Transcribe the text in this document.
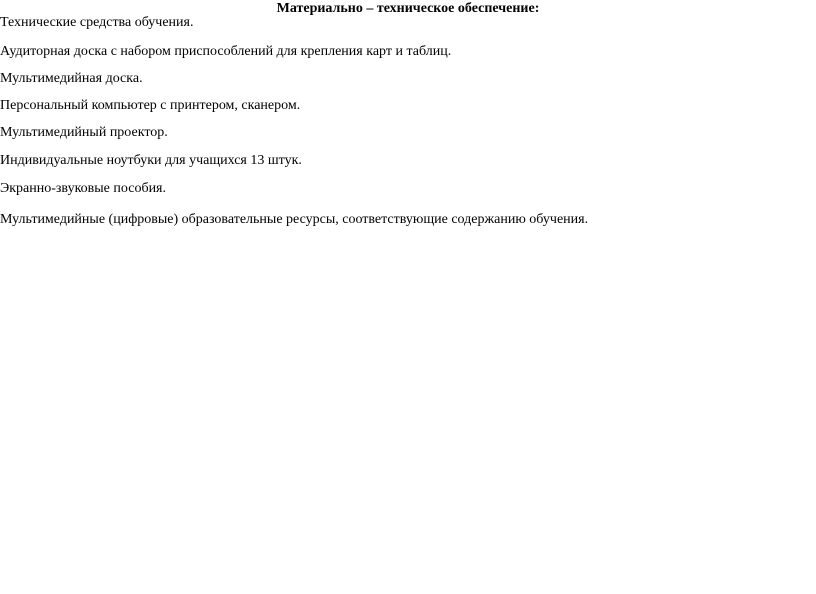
Материально – техническое обеспечение:
Технические средства обучения.
Аудиторная доска с набором приспособлений для крепления карт и таблиц.
Мультимедийная доска.
Персональный компьютер с принтером, сканером.
Мультимедийный проектор.
Индивидуальные ноутбуки для учащихся 13 штук.
Экранно-звуковые пособия.
Мультимедийные (цифровые) образовательные ресурсы, соответствующие содержанию обучения.
